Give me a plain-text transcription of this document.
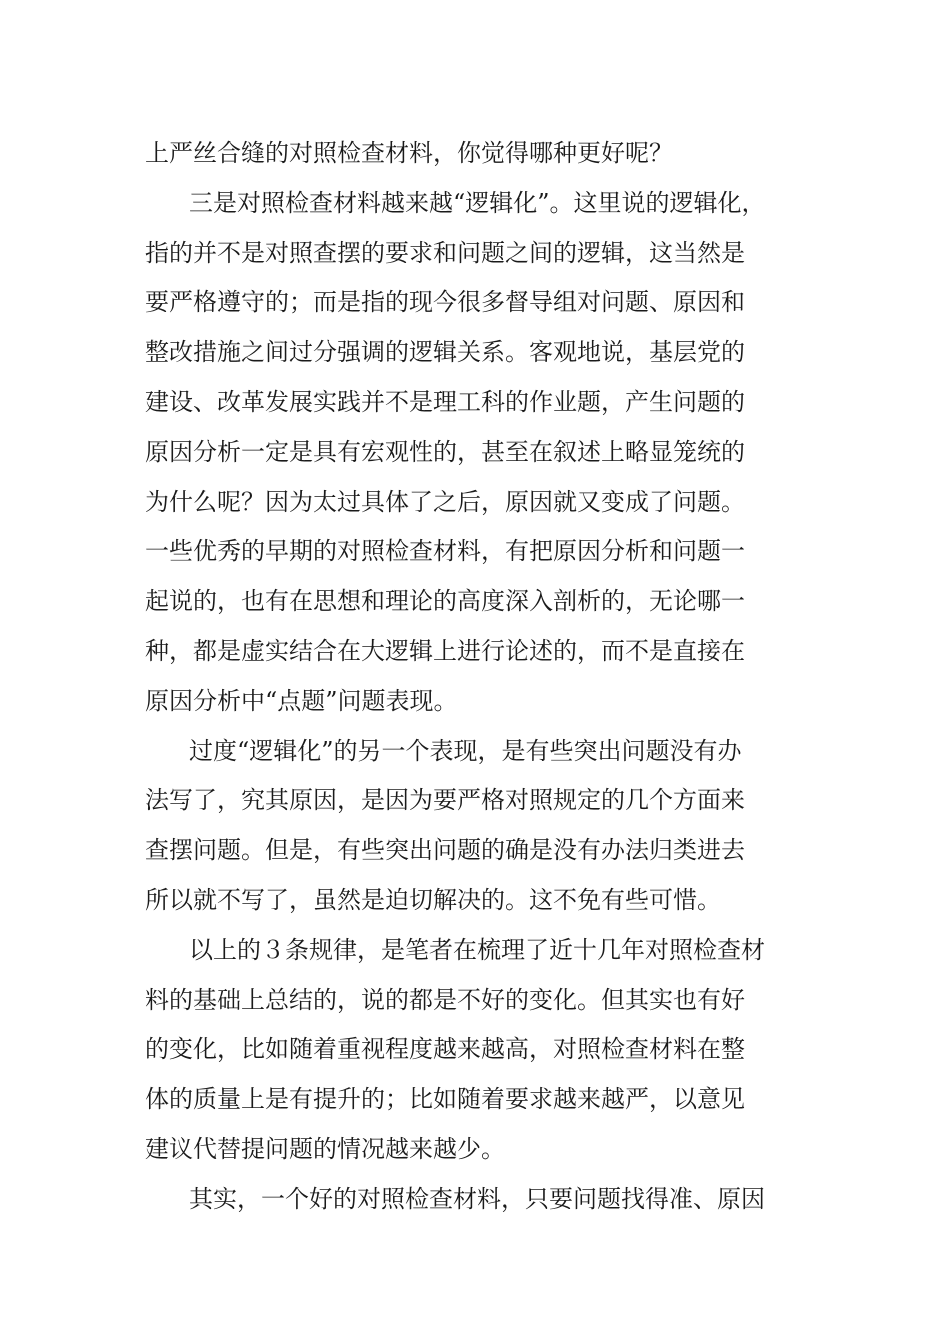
上严丝合缝的对照检查材料，你觉得哪种更好呢？
三是对照检查材料越来越“逻辑化”。这里说的逻辑化，
指的并不是对照查摆的要求和问题之间的逻辑，这当然是
要严格遵守的；而是指的现今很多督导组对问题、原因和
整改措施之间过分强调的逻辑关系。客观地说，基层党的
建设、改革发展实践并不是理工科的作业题，产生问题的
原因分析一定是具有宏观性的，甚至在叙述上略显笼统的
为什么呢？因为太过具体了之后，原因就又变成了问题。
一些优秀的早期的对照检查材料，有把原因分析和问题一
起说的，也有在思想和理论的高度深入剖析的，无论哪一
种，都是虚实结合在大逻辑上进行论述的，而不是直接在
原因分析中“点题”问题表现。
过度“逻辑化”的另一个表现，是有些突出问题没有办
法写了，究其原因，是因为要严格对照规定的几个方面来
查摆问题。但是，有些突出问题的确是没有办法归类进去
所以就不写了，虽然是迫切解决的。这不免有些可惜。
以上的３条规律，是笔者在梳理了近十几年对照检查材
料的基础上总结的，说的都是不好的变化。但其实也有好
的变化，比如随着重视程度越来越高，对照检查材料在整
体的质量上是有提升的；比如随着要求越来越严，以意见
建议代替提问题的情况越来越少。
其实，一个好的对照检查材料，只要问题找得准、原因
